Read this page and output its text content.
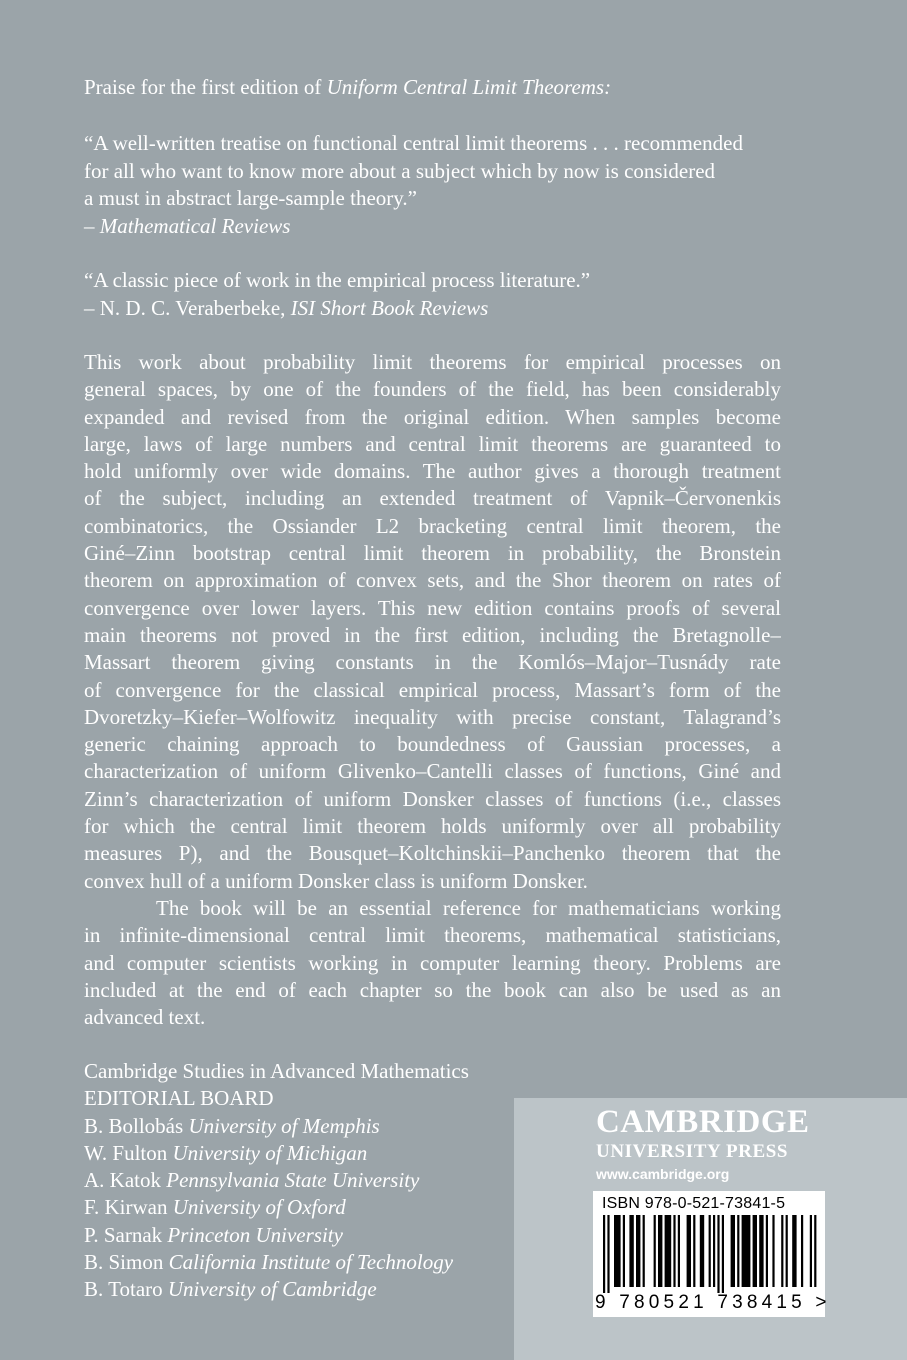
Praise for the first edition of Uniform Central Limit Theorems:
“A well-written treatise on functional central limit theorems . . . recommended
for all who want to know more about a subject which by now is considered
a must in abstract large-sample theory.”
– Mathematical Reviews
“A classic piece of work in the empirical process literature.”
– N. D. C. Veraberbeke, ISI Short Book Reviews
This work about probability limit theorems for empirical processes on
general spaces, by one of the founders of the field, has been considerably
expanded and revised from the original edition. When samples become
large, laws of large numbers and central limit theorems are guaranteed to
hold uniformly over wide domains. The author gives a thorough treatment
of the subject, including an extended treatment of Vapnik–Červonenkis
combinatorics, the Ossiander L2 bracketing central limit theorem, the
Giné–Zinn bootstrap central limit theorem in probability, the Bronstein
theorem on approximation of convex sets, and the Shor theorem on rates of
convergence over lower layers. This new edition contains proofs of several
main theorems not proved in the first edition, including the Bretagnolle–
Massart theorem giving constants in the Komlós–Major–Tusnády rate
of convergence for the classical empirical process, Massart’s form of the
Dvoretzky–Kiefer–Wolfowitz inequality with precise constant, Talagrand’s
generic chaining approach to boundedness of Gaussian processes, a
characterization of uniform Glivenko–Cantelli classes of functions, Giné and
Zinn’s characterization of uniform Donsker classes of functions (i.e., classes
for which the central limit theorem holds uniformly over all probability
measures P), and the Bousquet–Koltchinskii–Panchenko theorem that the
convex hull of a uniform Donsker class is uniform Donsker.
The book will be an essential reference for mathematicians working
in infinite-dimensional central limit theorems, mathematical statisticians,
and computer scientists working in computer learning theory. Problems are
included at the end of each chapter so the book can also be used as an
advanced text.
Cambridge Studies in Advanced Mathematics
EDITORIAL BOARD
B. Bollobás University of Memphis
W. Fulton University of Michigan
A. Katok Pennsylvania State University
F. Kirwan University of Oxford
P. Sarnak Princeton University
B. Simon California Institute of Technology
B. Totaro University of Cambridge
CAMBRIDGE
UNIVERSITY PRESS
www.cambridge.org
ISBN 978-0-521-73841-5
9 780521 738415 >
